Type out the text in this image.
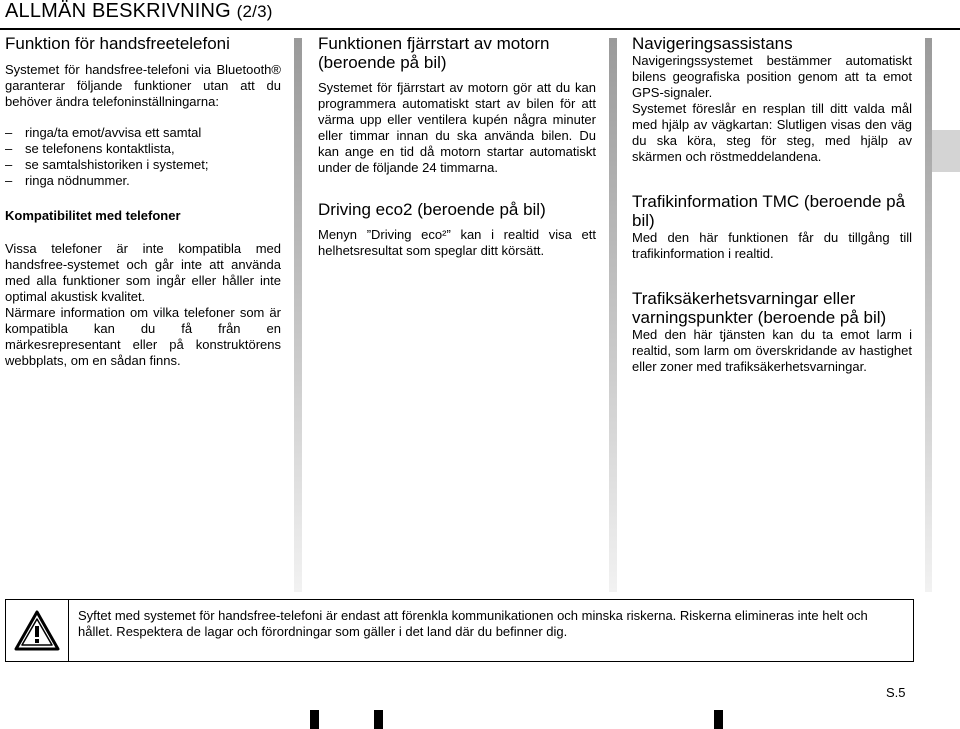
ALLMÄN BESKRIVNING (2/3)
Funktion för handsfreetelefoni

Systemet för handsfree-telefoni via Bluetooth® garanterar följande funktioner utan att du behöver ändra telefoninställningarna:

– ringa/ta emot/avvisa ett samtal
– se telefonens kontaktlista,
– se samtalshistoriken i systemet;
– ringa nödnummer.
Kompatibilitet med telefoner

Vissa telefoner är inte kompatibla med handsfree-systemet och går inte att använda med alla funktioner som ingår eller håller inte optimal akustisk kvalitet.

Närmare information om vilka telefoner som är kompatibla kan du få från en märkesrepresentant eller på konstruktörens webbplats, om en sådan finns.

Funktionen fjärrstart av motorn (beroende på bil)

Systemet för fjärrstart av motorn gör att du kan programmera automatiskt start av bilen för att värma upp eller ventilera kupén några minuter eller timmar innan du ska använda bilen. Du kan ange en tid då motorn startar automatiskt under de följande 24 timmarna.

Driving eco2 (beroende på bil)

Menyn ”Driving eco²” kan i realtid visa ett helhetsresultat som speglar ditt körsätt.

Navigeringsassistans

Navigeringssystemet bestämmer automatiskt bilens geografiska position genom att ta emot GPS-signaler.

Systemet föreslår en resplan till ditt valda mål med hjälp av vägkartan: Slutligen visas den väg du ska köra, steg för steg, med hjälp av skärmen och röstmeddelandena.

Trafikinformation TMC (beroende på bil)

Med den här funktionen får du tillgång till trafikinformation i realtid.

Trafiksäkerhetsvarningar eller varningspunkter (beroende på bil)

Med den här tjänsten kan du ta emot larm i realtid, som larm om överskridande av hastighet eller zoner med trafiksäkerhetsvarningar.

Syftet med systemet för handsfree-telefoni är endast att förenkla kommunikationen och minska riskerna. Riskerna elimineras inte helt och hållet. Respektera de lagar och förordningar som gäller i det land där du befinner dig.
S.5
